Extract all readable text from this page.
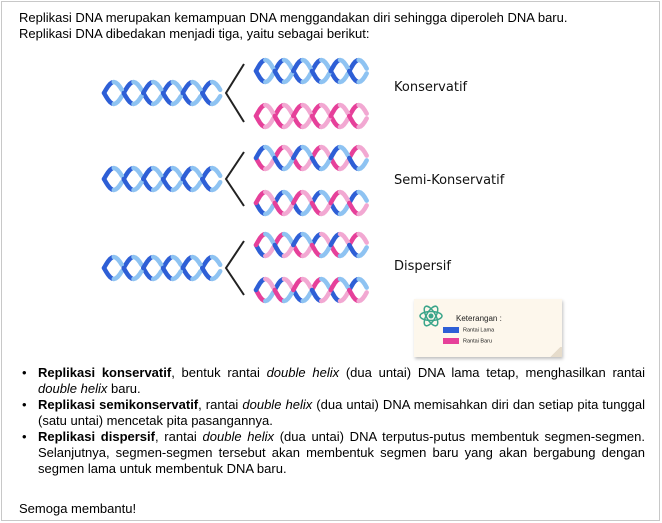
Replikasi DNA merupakan kemampuan DNA menggandakan diri sehingga diperoleh DNA baru.
Replikasi DNA dibedakan menjadi tiga, yaitu sebagai berikut:
Konservatif
Semi-Konservatif
Dispersif
Keterangan :
Rantai Lama
Rantai Baru
• Replikasi konservatif, bentuk rantai double helix (dua untai) DNA lama tetap, menghasilkan rantai double helix baru.
• Replikasi semikonservatif, rantai double helix (dua untai) DNA memisahkan diri dan setiap pita tunggal (satu untai) mencetak pita pasangannya.
• Replikasi dispersif, rantai double helix (dua untai) DNA terputus-putus membentuk segmen-segmen. Selanjutnya, segmen-segmen tersebut akan membentuk segmen baru yang akan bergabung dengan segmen lama untuk membentuk DNA baru.
Semoga membantu!
